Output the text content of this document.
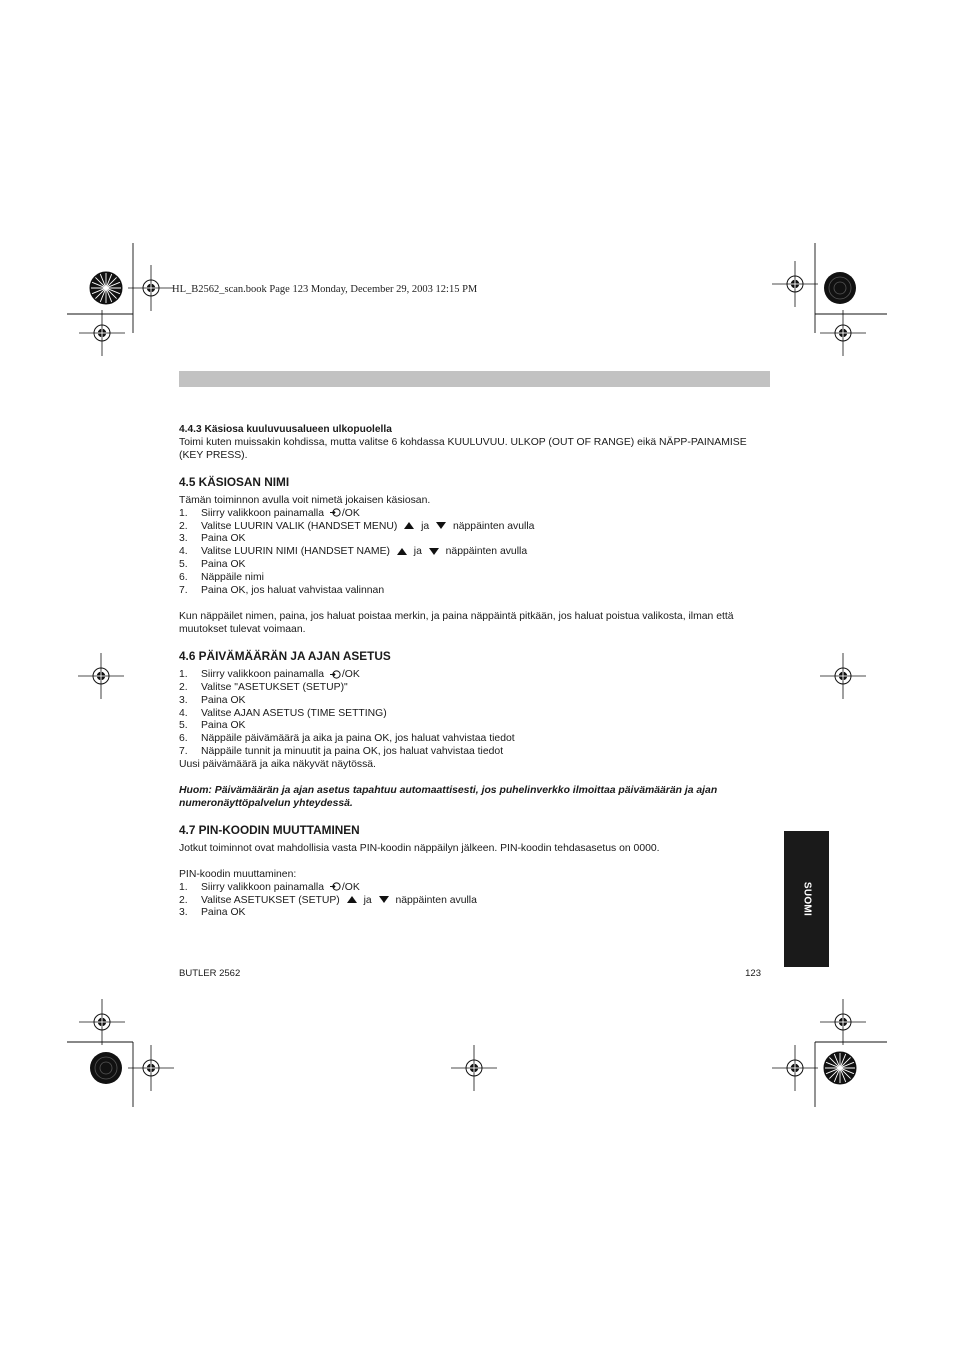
HL_B2562_scan.book Page 123 Monday, December 29, 2003 12:15 PM
4.4.3 Käsiosa kuuluvuusalueen ulkopuolella

Toimi kuten muissakin kohdissa, mutta valitse 6 kohdassa KUULUVUU. ULKOP (OUT OF RANGE) eikä NÄPP-PAINAMISE (KEY PRESS).

4.5 KÄSIOSAN NIMI

Tämän toiminnon avulla voit nimetä jokaisen käsiosan.

1. Siirry valikkoon painamalla /OK
2. Valitse LUURIN VALIK (HANDSET MENU) ja näppäinten avulla
3. Paina OK
4. Valitse LUURIN NIMI (HANDSET NAME) ja näppäinten avulla
5. Paina OK
6. Näppäile nimi
7. Paina OK, jos haluat vahvistaa valinnan

Kun näppäilet nimen, paina, jos haluat poistaa merkin, ja paina näppäintä pitkään, jos haluat poistua valikosta, ilman että muutokset tulevat voimaan.

4.6 PÄIVÄMÄÄRÄN JA AJAN ASETUS
1. Siirry valikkoon painamalla /OK
2. Valitse "ASETUKSET (SETUP)"
3. Paina OK
4. Valitse AJAN ASETUS (TIME SETTING)
5. Paina OK
6. Näppäile päivämäärä ja aika ja paina OK, jos haluat vahvistaa tiedot
7. Näppäile tunnit ja minuutit ja paina OK, jos haluat vahvistaa tiedot

Uusi päivämäärä ja aika näkyvät näytössä.

Huom: Päivämäärän ja ajan asetus tapahtuu automaattisesti, jos puhelinverkko ilmoittaa päivämäärän ja ajan numeronäyttöpalvelun yhteydessä.

4.7 PIN-KOODIN MUUTTAMINEN

Jotkut toiminnot ovat mahdollisia vasta PIN-koodin näppäilyn jälkeen. PIN-koodin tehdasasetus on 0000.

PIN-koodin muuttaminen:

1. Siirry valikkoon painamalla /OK
2. Valitse ASETUKSET (SETUP) ja näppäinten avulla
3. Paina OK	SUOMI
BUTLER 2562	123
